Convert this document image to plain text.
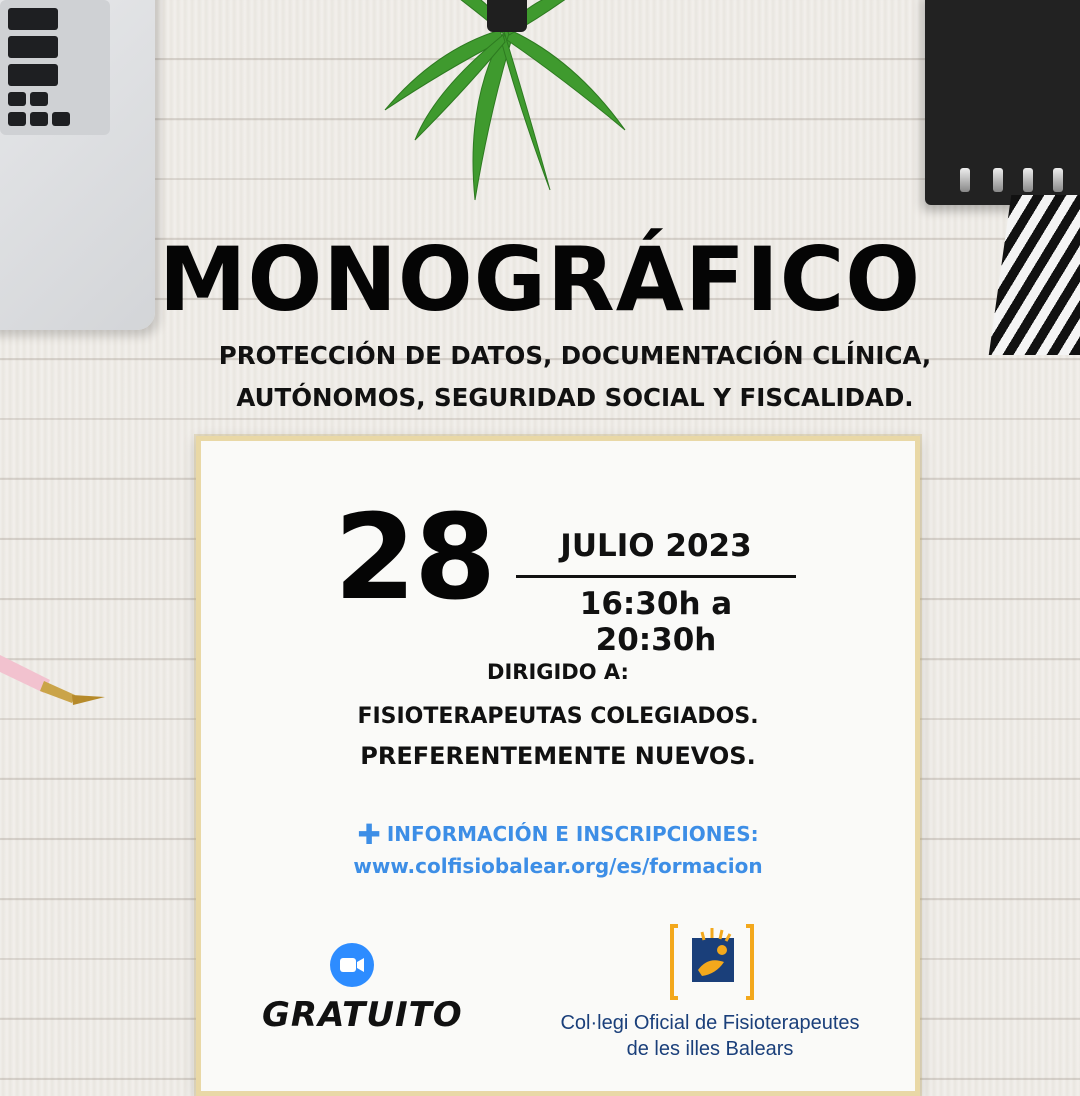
MONOGRÁFICO
PROTECCIÓN DE DATOS, DOCUMENTACIÓN CLÍNICA,
AUTÓNOMOS, SEGURIDAD SOCIAL Y FISCALIDAD.
28	JULIO 2023
16:30h a 20:30h
DIRIGIDO A:
FISIOTERAPEUTAS COLEGIADOS.
PREFERENTEMENTE NUEVOS.
✚ INFORMACIÓN E INSCRIPCIONES:
www.colfisiobalear.org/es/formacion
GRATUITO	Col·legi Oficial de Fisioterapeutes
de les illes Balears
